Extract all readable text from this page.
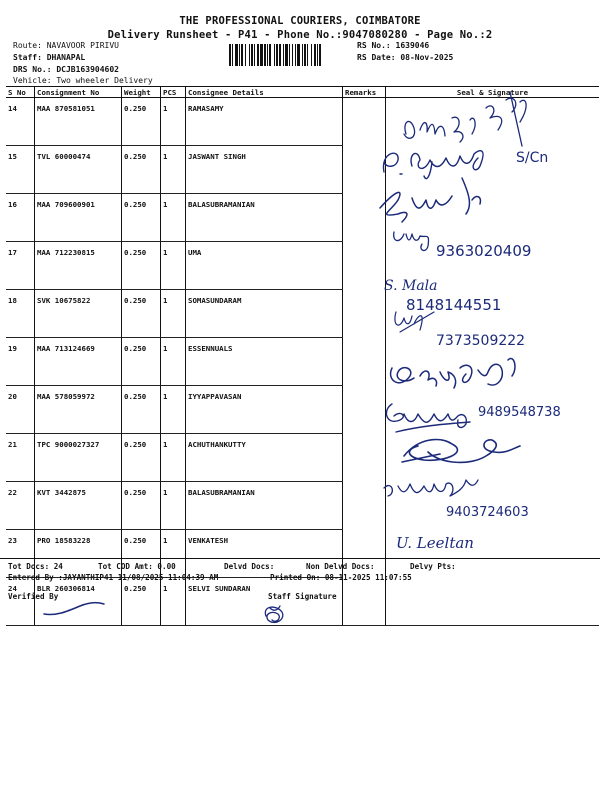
THE PROFESSIONAL COURIERS, COIMBATORE
Delivery Runsheet - P41 - Phone No.:9047080280 - Page No.:2
Route: NAVAVOOR PIRIVU
Staff: DHANAPAL
DRS No.: DCJB163904602
Vehicle: Two wheeler Delivery
RS No.: 1639046
RS Date: 08-Nov-2025
S No	Consignment No	Weight	PCS	Consignee Details	Remarks	Seal & Signature
14	MAA 870581051	0.250	1	RAMASAMY		
15	TVL 60000474	0.250	1	JASWANT SINGH		
16	MAA 709600901	0.250	1	BALASUBRAMANIAN		
17	MAA 712230815	0.250	1	UMA		
18	SVK 10675822	0.250	1	SOMASUNDARAM		
19	MAA 713124669	0.250	1	ESSENNUALS		
20	MAA 578059972	0.250	1	IYYAPPAVASAN		
21	TPC 9000027327	0.250	1	ACHUTHANKUTTY		
22	KVT 3442875	0.250	1	BALASUBRAMANIAN		
23	PRO 18583228	0.250	1	VENKATESH		
24	BLR 260306814	0.250	1	SELVI SUNDARAN		
Tot Docs: 24	Tot COD Amt: 0.00	Delvd Docs:	Non Delvd Docs:	Delvy Pts:
Entered By :JAYANTHIP41 11/08/2025 11:04:39 AM	Printed On: 08-11-2025 11:07:55
Verified By	Staff Signature
S/Cn
9363020409
S. Mala
8148144551
7373509222
9489548738
9403724603
U. Leeltan
